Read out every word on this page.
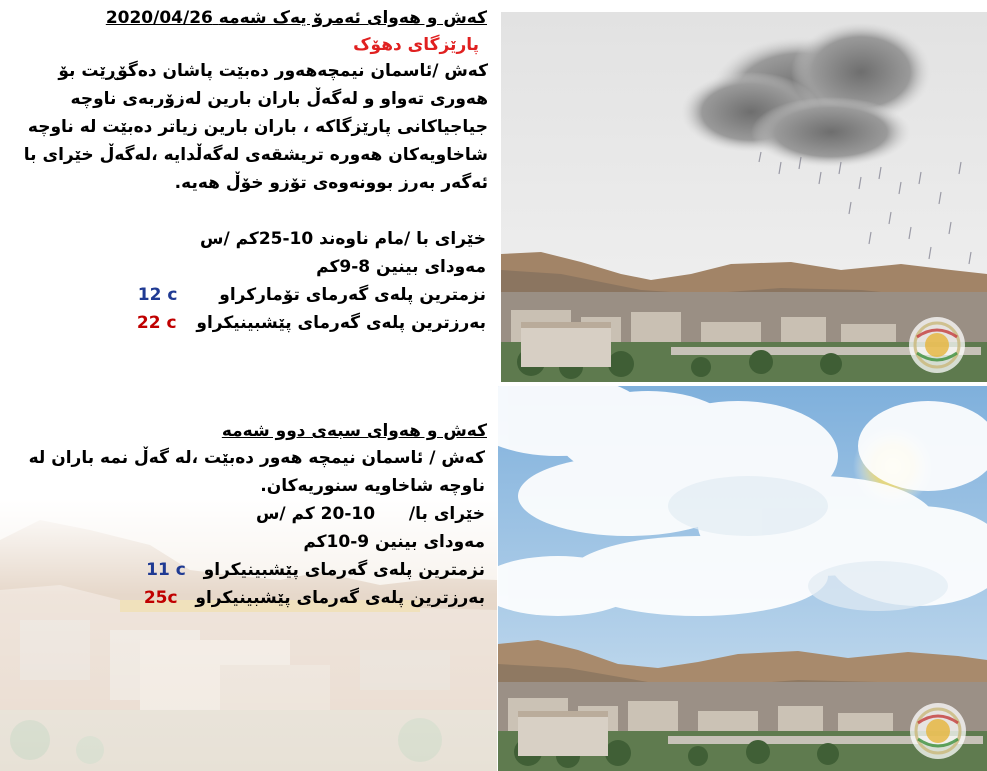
کەش و هەوای ئەمرۆ یەک شەمە 2020/04/26
پارێزگای دهۆک
کەش /ئاسمان نیمچەهەور دەبێت پاشان دەگۆڕێت بۆ
هەوری تەواو و لەگەڵ باران بارین لەزۆربەی ناوچە
جیاجیاکانی پارێزگاکە ، باران بارین زیاتر دەبێت لە ناوچە
شاخاویەکان هەورە تریشقەی لەگەڵدایە ،لەگەڵ خێرای با
ئەگەر بەرز بوونەوەی تۆزو خۆڵ هەیە.
خێرای با /مام ناوەند 10-25کم /س
مەودای بینین 8-9کم
نزمترین پلەی گەرمای تۆمارکراو  12 c
بەرزترین پلەی گەرمای پێشبینیکراو  22 c
کەش و هەوای سبەی دوو شەمە
کەش / ئاسمان نیمچە هەور دەبێت ،لە گەڵ نمە باران لە
ناوچە شاخاویە سنوریەکان.
خێرای با/  10-20 کم /س
مەودای بینین 9-10کم
نزمترین پلەی گەرمای پێشبینیکراو  11 c
بەرزترین پلەی گەرمای پێشبینیکراو  25c
